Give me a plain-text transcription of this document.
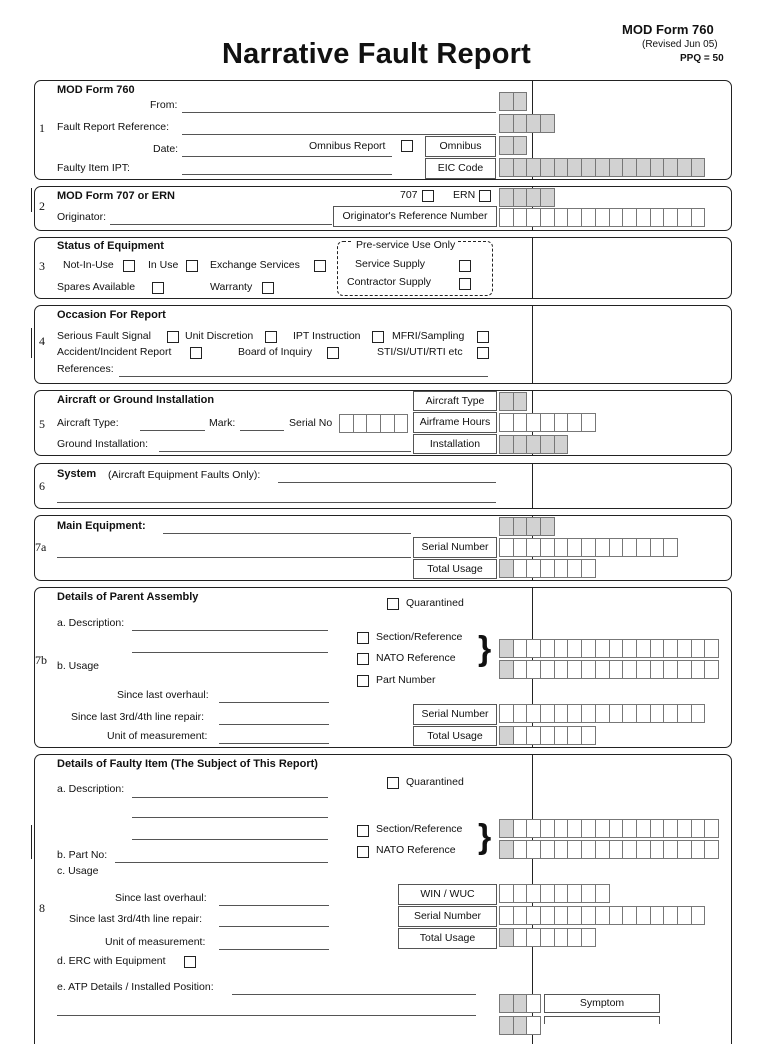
Narrative Fault Report
MOD Form 760
(Revised Jun 05)
PPQ = 50
1
MOD Form 760
From:
Fault Report Reference:
Date:	Omnibus Report	Omnibus
Faulty Item IPT:	EIC Code
2
MOD Form 707 or ERN	707	ERN
Originator:	Originator's Reference Number
3
Status of Equipment
Not-In-Use	In Use	Exchange Services
Spares Available	Warranty
Pre-service Use Only
Service Supply
Contractor Supply
4
Occasion For Report
Serious Fault Signal	Unit Discretion	IPT Instruction	MFRI/Sampling
Accident/Incident Report	Board of Inquiry	STI/SI/UTI/RTI etc
References:
5
Aircraft or Ground Installation
Aircraft Type:	Mark:	Serial No
Ground Installation:
Aircraft Type
Airframe Hours
Installation
6
System (Aircraft Equipment Faults Only):
7a
Main Equipment:
Serial Number
Total Usage
7b
Details of Parent Assembly	Quarantined
a. Description:
Section/Reference
NATO Reference
Part Number
}
b. Usage
Since last overhaul:
Since last 3rd/4th line repair:
Unit of measurement:
Serial Number
Total Usage
8
Details of Faulty Item (The Subject of This Report)
Quarantined
a. Description:
Section/Reference
NATO Reference }
b. Part No:
c. Usage
Since last overhaul:
Since last 3rd/4th line repair:
Unit of measurement:
WIN / WUC
Serial Number
Total Usage
d. ERC with Equipment
e. ATP Details / Installed Position:
Symptom
